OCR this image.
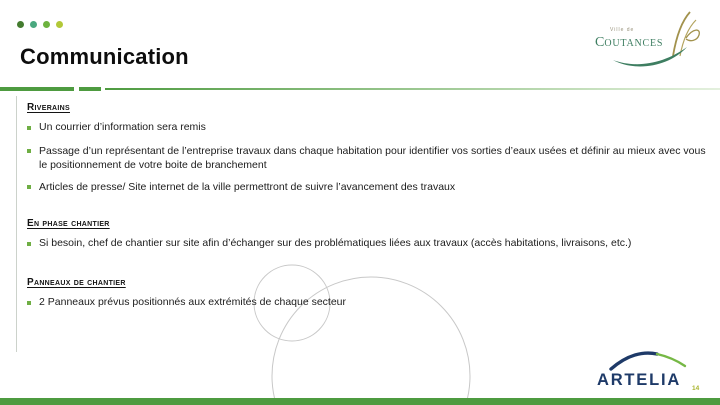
Ville de
COUTANCES
Communication
Riverains
Un courrier d’information sera remis
Passage d’un représentant de l’entreprise travaux dans chaque habitation pour identifier vos sorties d’eaux usées et définir au mieux avec vous le positionnement de votre boite de branchement
Articles de presse/ Site internet de la ville permettront de suivre l’avancement des travaux
En phase chantier
Si besoin, chef de chantier sur site afin d’échanger sur des problématiques liées aux travaux (accès habitations, livraisons, etc.)
Panneaux de chantier
2 Panneaux prévus positionnés aux extrémités de chaque secteur
ARTELIA 14
